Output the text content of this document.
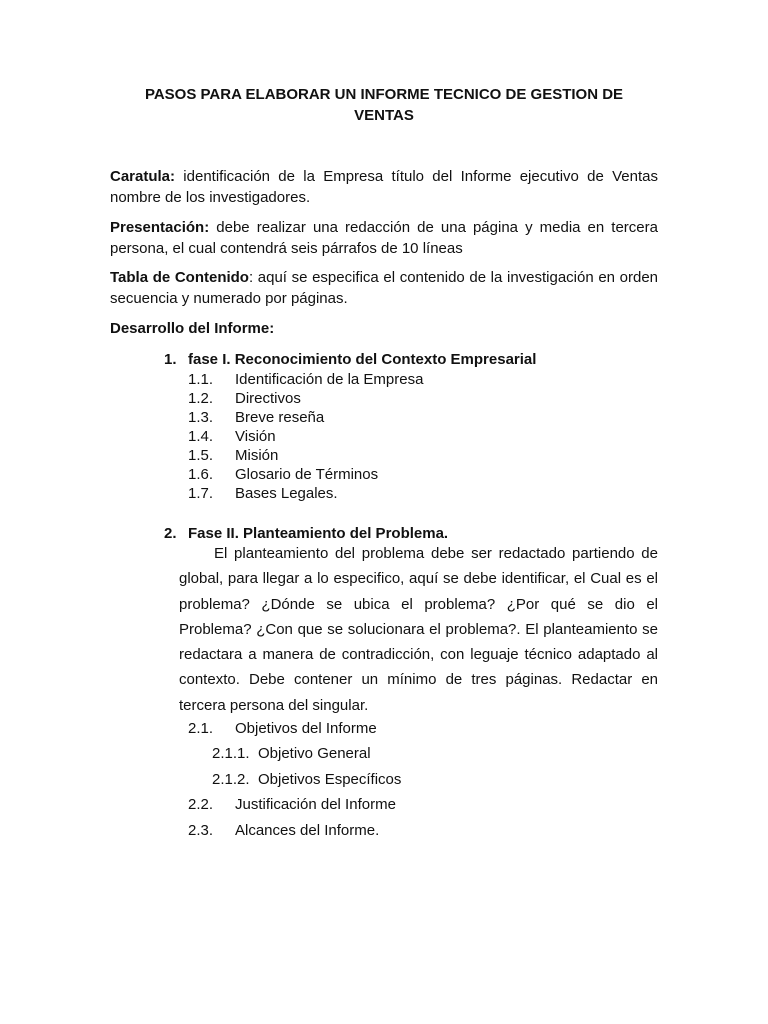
PASOS PARA ELABORAR UN INFORME TECNICO DE GESTION DE
VENTAS

Caratula: identificación de la Empresa título del Informe ejecutivo de Ventas nombre de los investigadores.

Presentación: debe realizar una redacción de una página y media en tercera persona, el cual contendrá seis párrafos de 10 líneas

Tabla de Contenido: aquí se especifica el contenido de la investigación en orden secuencia y numerado por páginas.

Desarrollo del Informe:
1. fase I. Reconocimiento del Contexto Empresarial
1.1. Identificación de la Empresa
1.2. Directivos
1.3. Breve reseña
1.4. Visión
1.5. Misión
1.6. Glosario de Términos
1.7. Bases Legales.
2. Fase II. Planteamiento del Problema.

El planteamiento del problema debe ser redactado partiendo de global, para llegar a lo especifico, aquí se debe identificar, el Cual es el problema? ¿Dónde se ubica el problema? ¿Por qué se dio el Problema? ¿Con que se solucionara el problema?. El planteamiento se redactara a manera de contradicción, con leguaje técnico adaptado al contexto. Debe contener un mínimo de tres páginas. Redactar en tercera persona del singular.

2.1. Objetivos del Informe
2.1.1. Objetivo General
2.1.2. Objetivos Específicos
2.2. Justificación del Informe
2.3. Alcances del Informe.
